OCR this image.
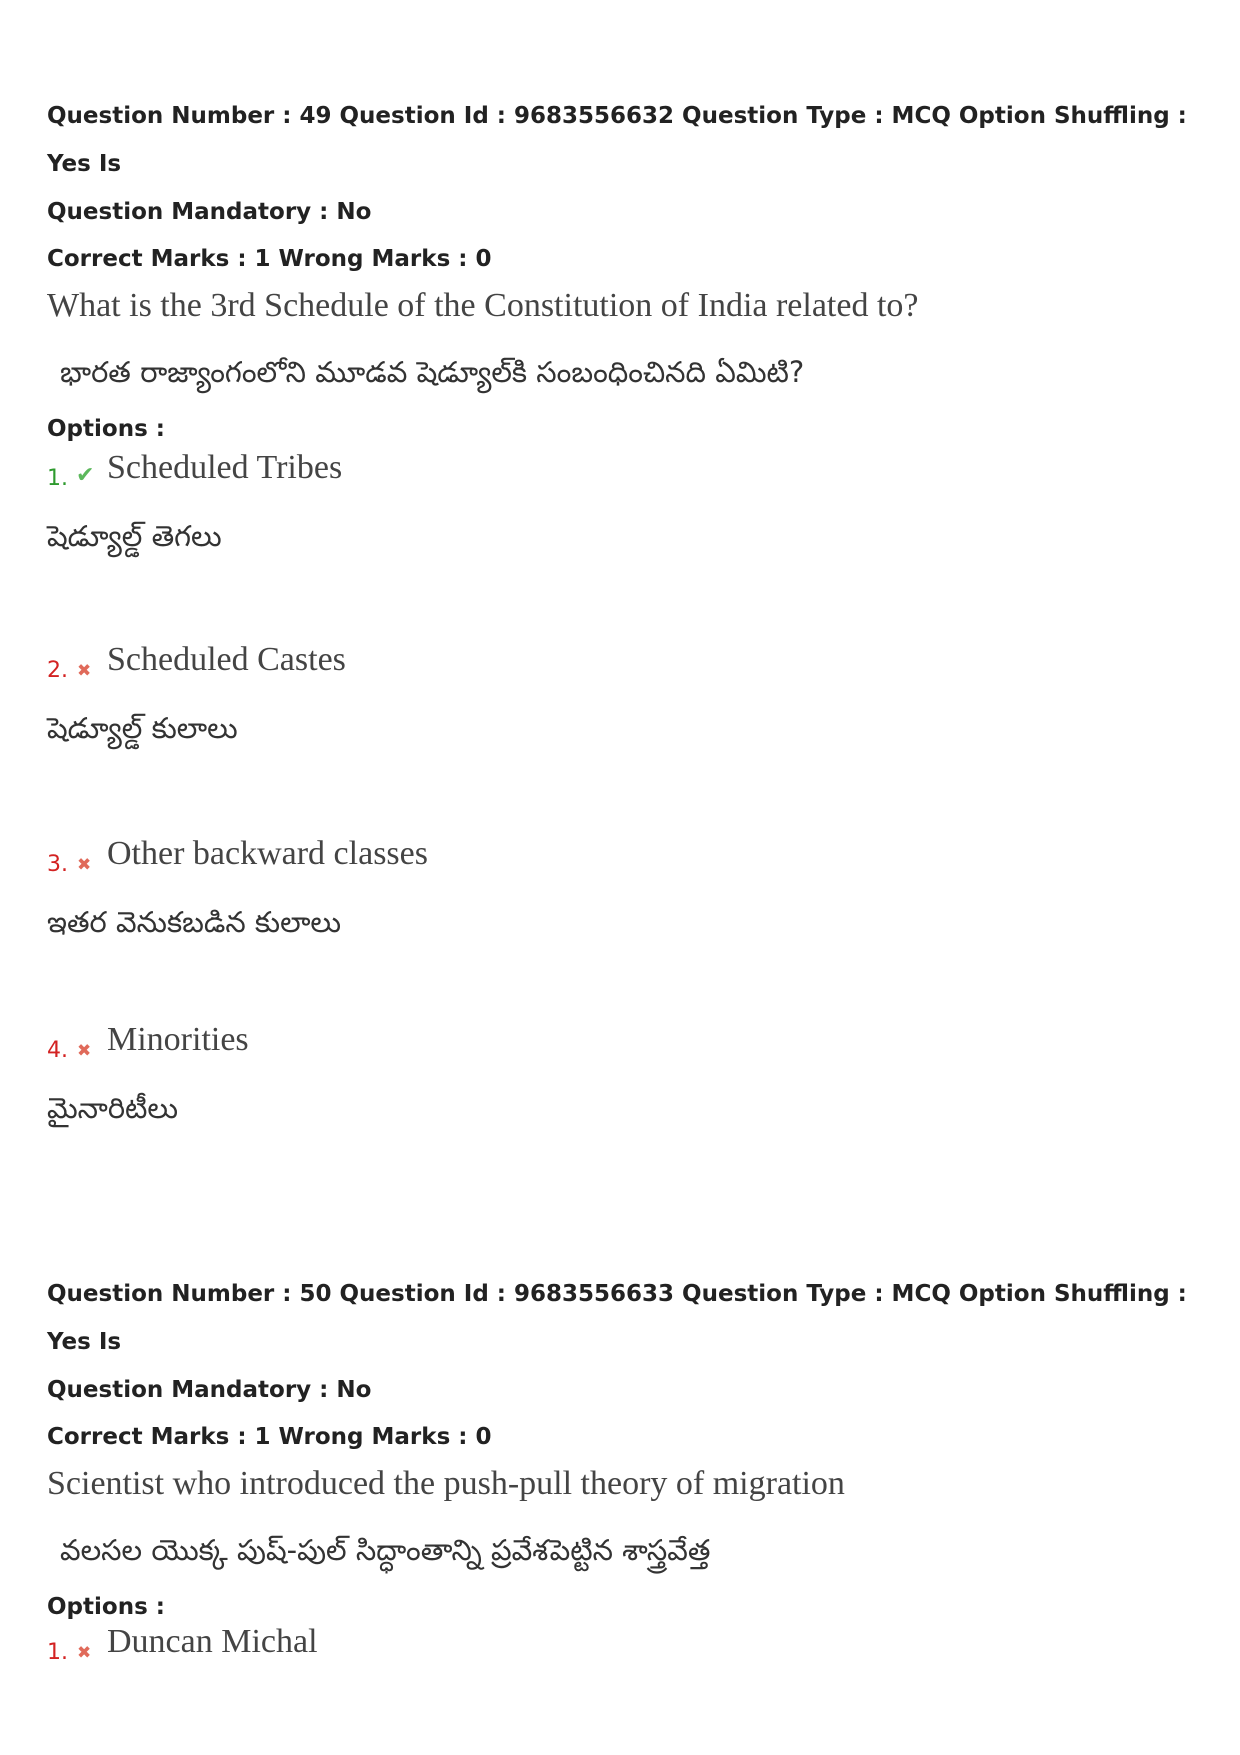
Question Number : 49 Question Id : 9683556632 Question Type : MCQ Option Shuffling : Yes Is
Question Mandatory : No
Correct Marks : 1 Wrong Marks : 0
What is the 3rd Schedule of the Constitution of India related to?
భారత రాజ్యాంగంలోని మూడవ షెడ్యూల్‌కి సంబంధించినది ఏమిటి?
Options :
1. ✔ Scheduled Tribes
షెడ్యూల్డ్ తెగలు
2. ✖ Scheduled Castes
షెడ్యూల్డ్ కులాలు
3. ✖ Other backward classes
ఇతర వెనుకబడిన కులాలు
4. ✖ Minorities
మైనారిటీలు
Question Number : 50 Question Id : 9683556633 Question Type : MCQ Option Shuffling : Yes Is
Question Mandatory : No
Correct Marks : 1 Wrong Marks : 0
Scientist who introduced the push-pull theory of migration
వలసల యొక్క పుష్-పుల్ సిద్ధాంతాన్ని ప్రవేశపెట్టిన శాస్త్రవేత్త
Options :
1. ✖ Duncan Michal
